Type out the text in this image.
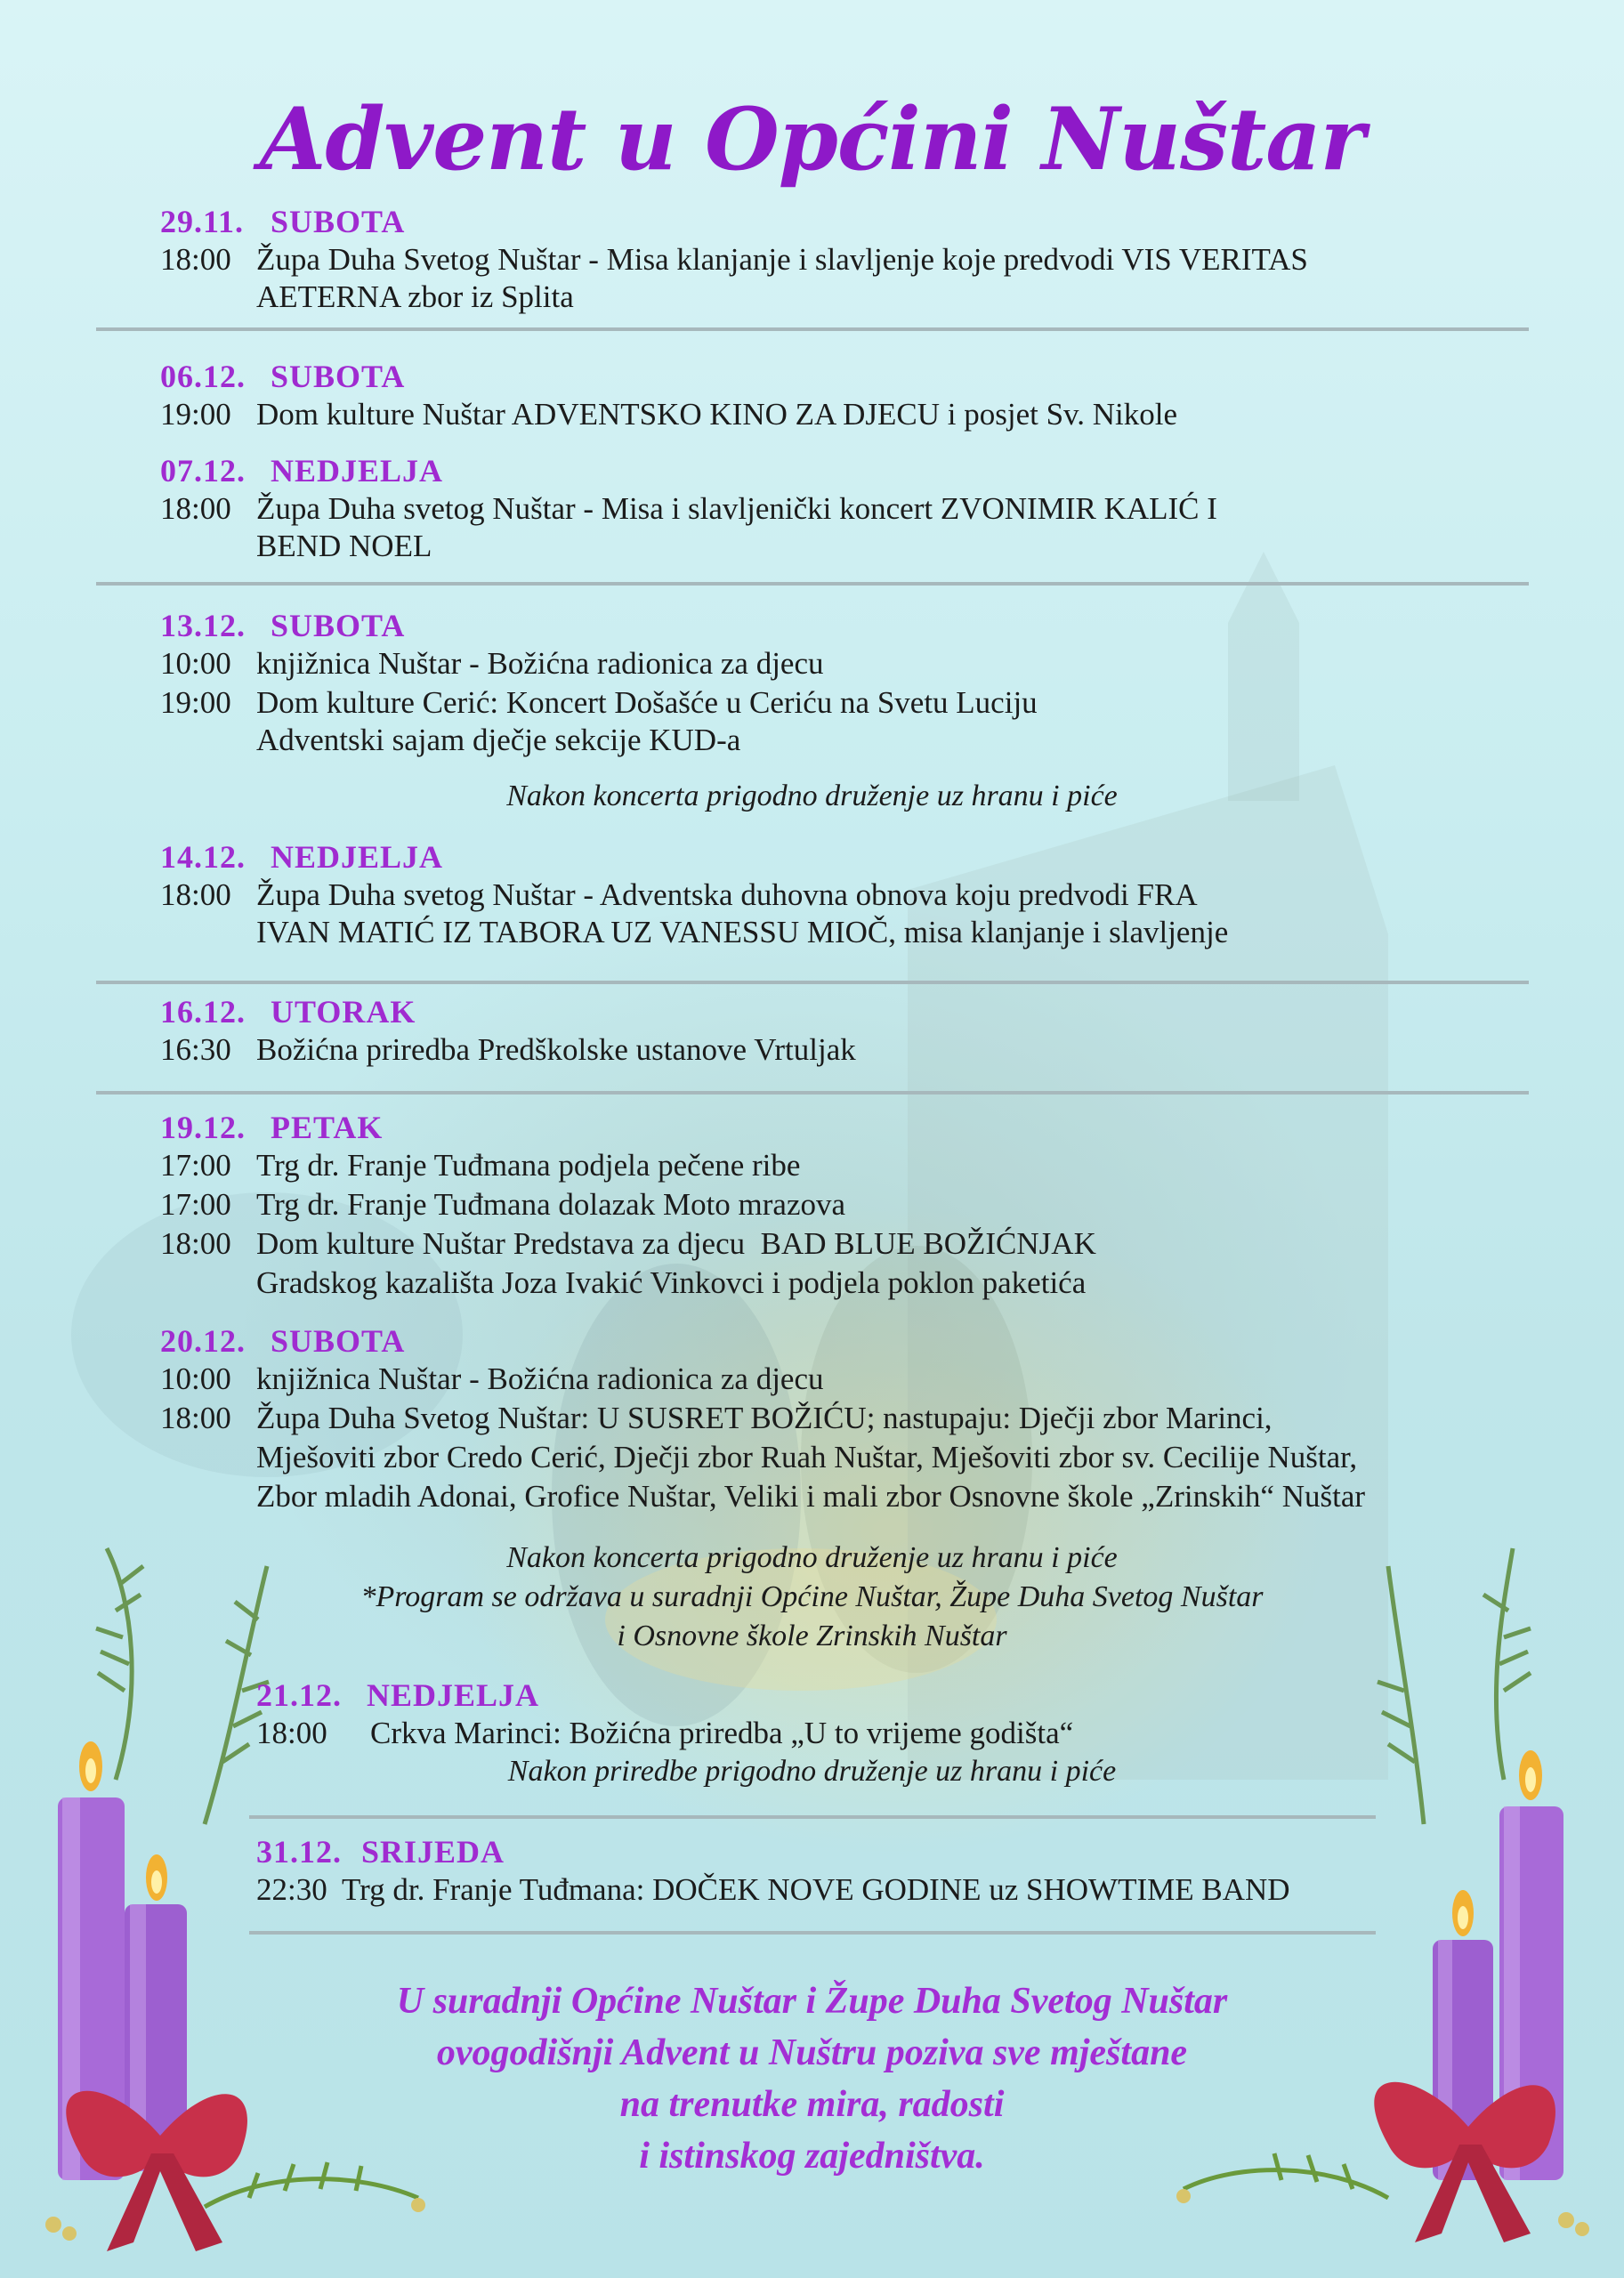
Advent u Općini Nuštar
29.11. SUBOTA
18:00 Župa Duha Svetog Nuštar - Misa klanjanje i slavljenje koje predvodi VIS VERITAS
AETERNA zbor iz Splita
06.12. SUBOTA
19:00 Dom kulture Nuštar ADVENTSKO KINO ZA DJECU i posjet Sv. Nikole
07.12. NEDJELJA
18:00 Župa Duha svetog Nuštar - Misa i slavljenički koncert ZVONIMIR KALIĆ I
BEND NOEL
13.12. SUBOTA
10:00 knjižnica Nuštar - Božićna radionica za djecu
19:00 Dom kulture Cerić: Koncert Došašće u Ceriću na Svetu Luciju
Adventski sajam dječje sekcije KUD-a
Nakon koncerta prigodno druženje uz hranu i piće
14.12. NEDJELJA
18:00 Župa Duha svetog Nuštar - Adventska duhovna obnova koju predvodi FRA
IVAN MATIĆ IZ TABORA UZ VANESSU MIOČ, misa klanjanje i slavljenje
16.12. UTORAK
16:30 Božićna priredba Predškolske ustanove Vrtuljak
19.12. PETAK
17:00 Trg dr. Franje Tuđmana podjela pečene ribe
17:00 Trg dr. Franje Tuđmana dolazak Moto mrazova
18:00 Dom kulture Nuštar Predstava za djecu  BAD BLUE BOŽIĆNJAK
Gradskog kazališta Joza Ivakić Vinkovci i podjela poklon paketića
20.12. SUBOTA
10:00 knjižnica Nuštar - Božićna radionica za djecu
18:00 Župa Duha Svetog Nuštar: U SUSRET BOŽIĆU; nastupaju: Dječji zbor Marinci,
Mješoviti zbor Credo Cerić, Dječji zbor Ruah Nuštar, Mješoviti zbor sv. Cecilije Nuštar,
Zbor mladih Adonai, Grofice Nuštar, Veliki i mali zbor Osnovne škole „Zrinskih“ Nuštar
Nakon koncerta prigodno druženje uz hranu i piće
*Program se održava u suradnji Općine Nuštar, Župe Duha Svetog Nuštar
i Osnovne škole Zrinskih Nuštar
21.12. NEDJELJA
18:00 Crkva Marinci: Božićna priredba „U to vrijeme godišta“
Nakon priredbe prigodno druženje uz hranu i piće
31.12. SRIJEDA
22:30 Trg dr. Franje Tuđmana: DOČEK NOVE GODINE uz SHOWTIME BAND
U suradnji Općine Nuštar i Župe Duha Svetog Nuštar
ovogodišnji Advent u Nuštru poziva sve mještane
na trenutke mira, radosti
i istinskog zajedništva.
